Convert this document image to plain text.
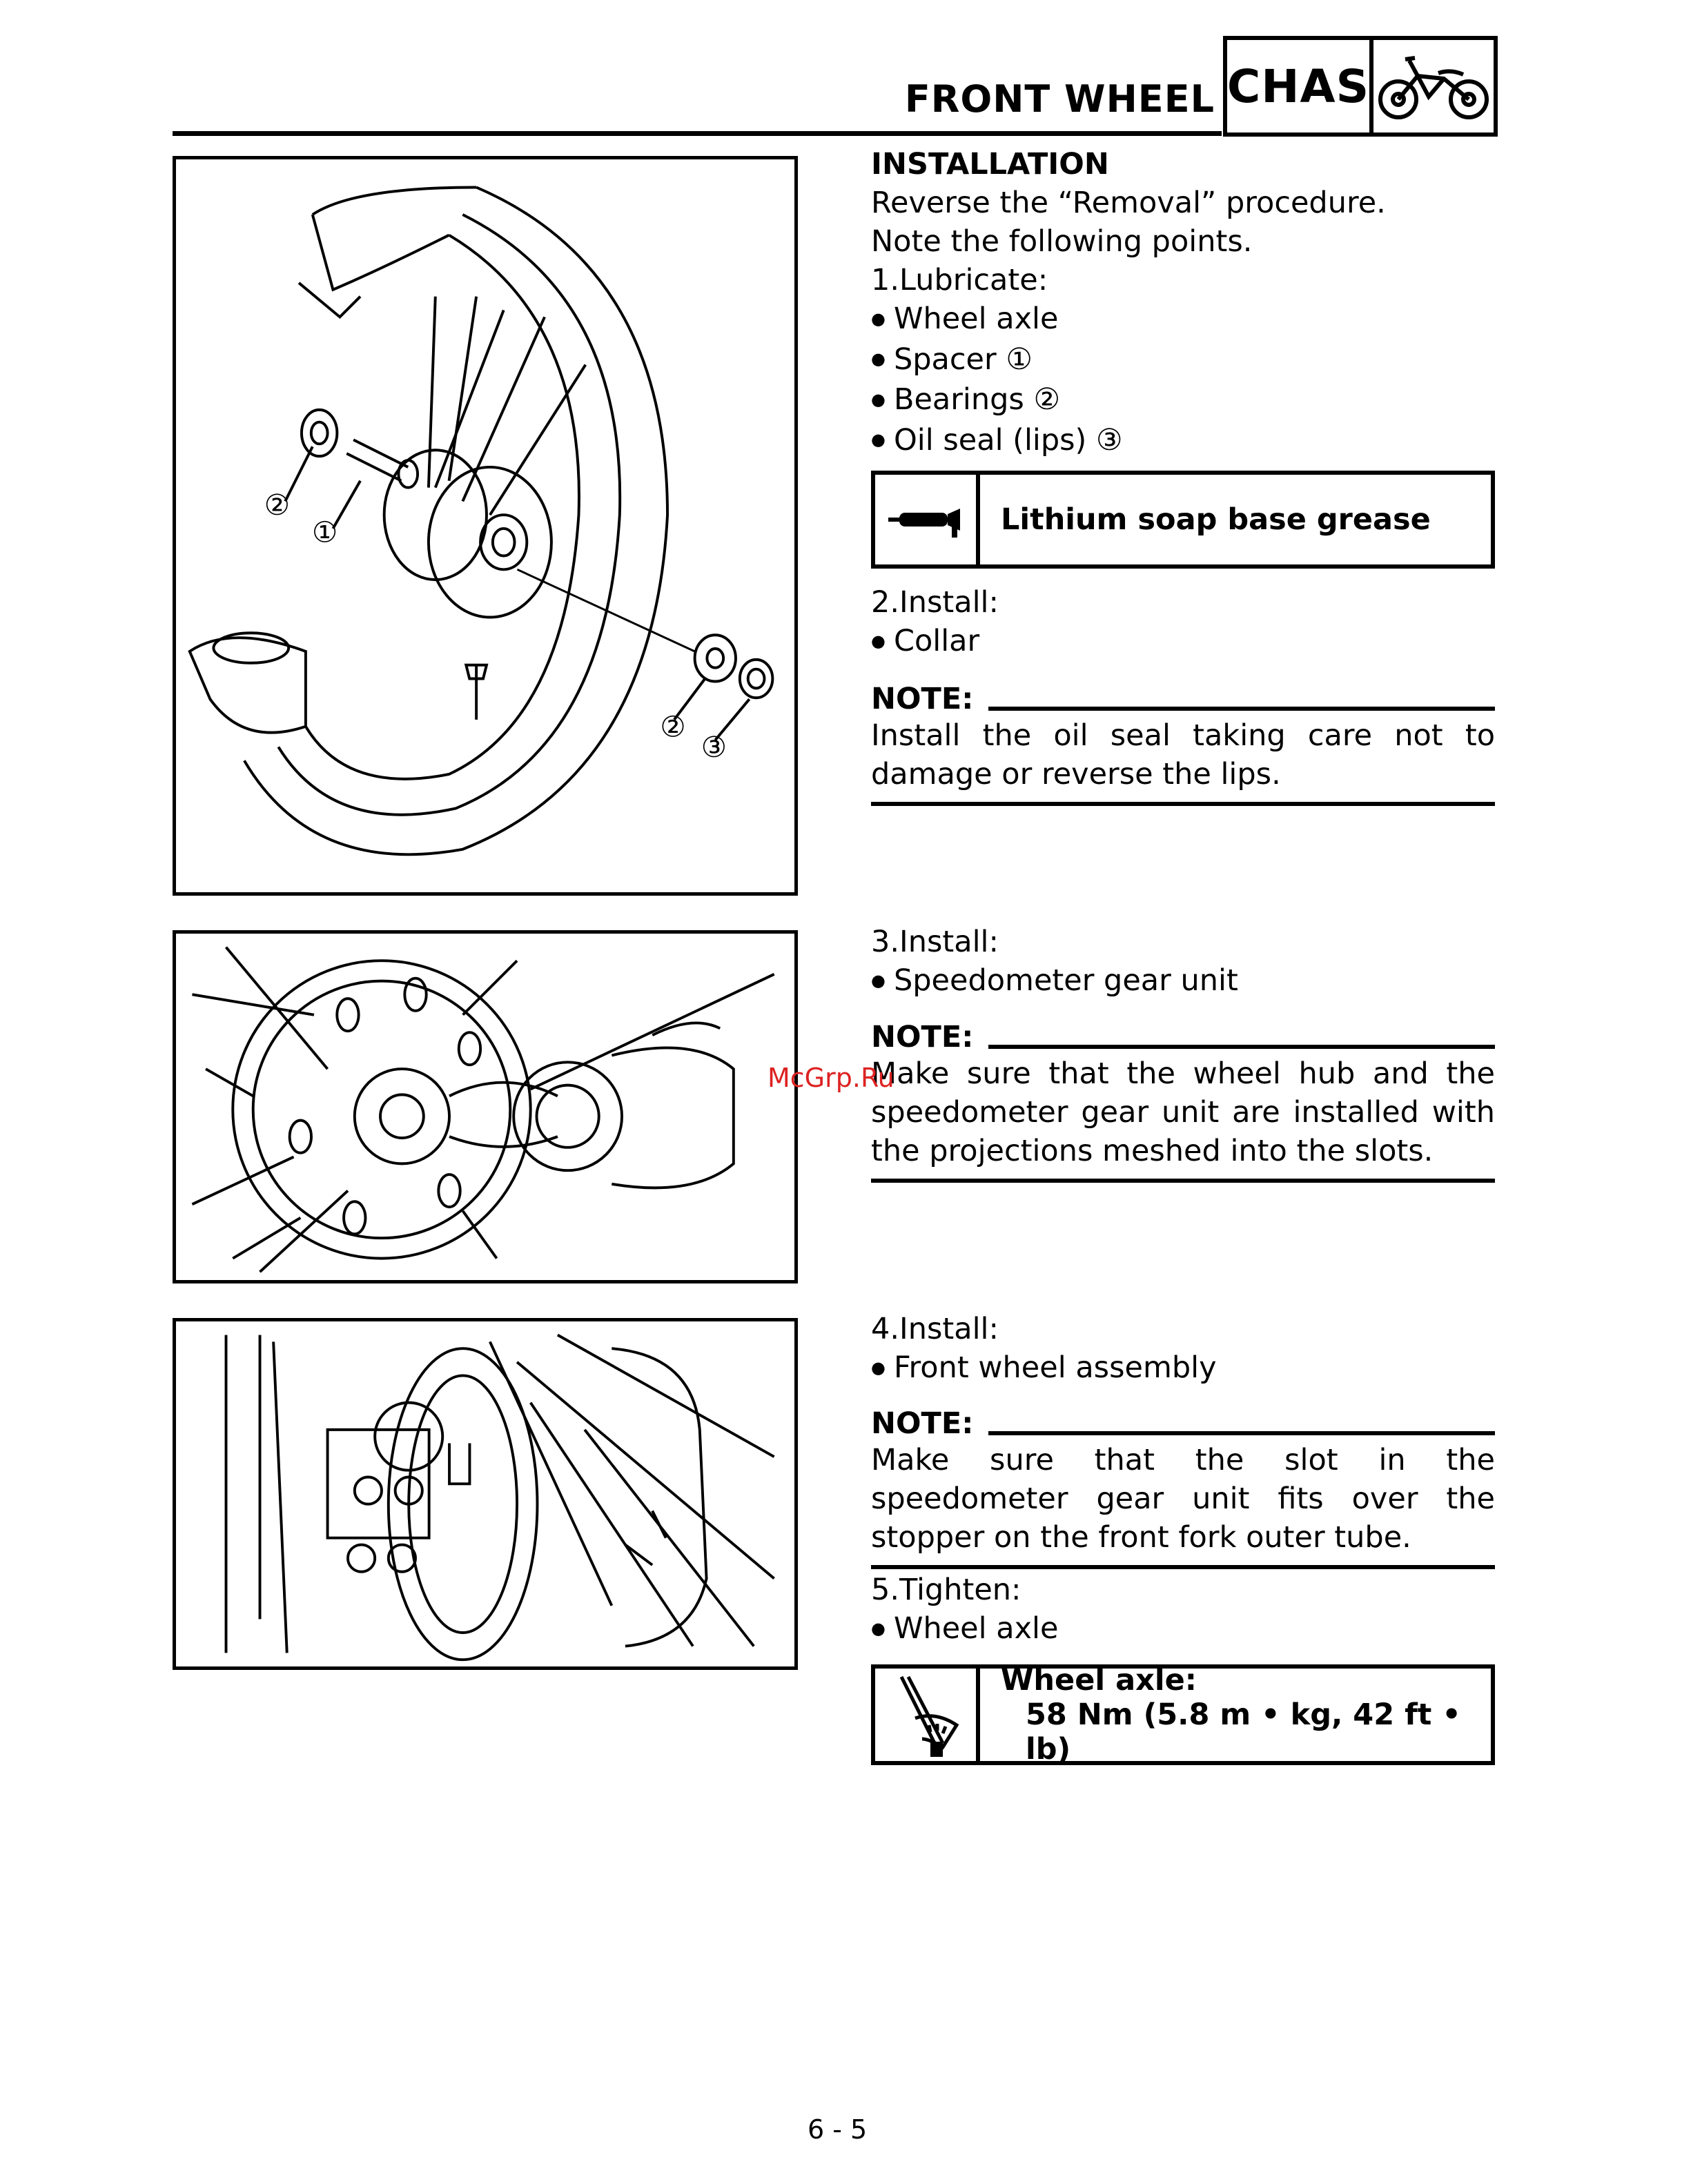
FRONT WHEEL CHAS
②
①
②
③

INSTALLATION

Reverse the “Removal” procedure.

Note the following points.

1.Lubricate:

● Wheel axle

● Spacer ①

● Bearings ②

● Oil seal (lips) ③

Lithium soap base grease

2.Install:

● Collar

NOTE:
Install the oil seal taking care not to damage or reverse the lips.

3.Install:

● Speedometer gear unit

NOTE:
Make sure that the wheel hub and the speedometer gear unit are installed with the projections meshed into the slots.

4.Install:

● Front wheel assembly

NOTE:
Make sure that the slot in the speedometer gear unit fits over the stopper on the front fork outer tube.

5.Tighten:

● Wheel axle

Wheel axle:
58 Nm (5.8 m • kg, 42 ft • lb)
McGrp.Ru
6 - 5
